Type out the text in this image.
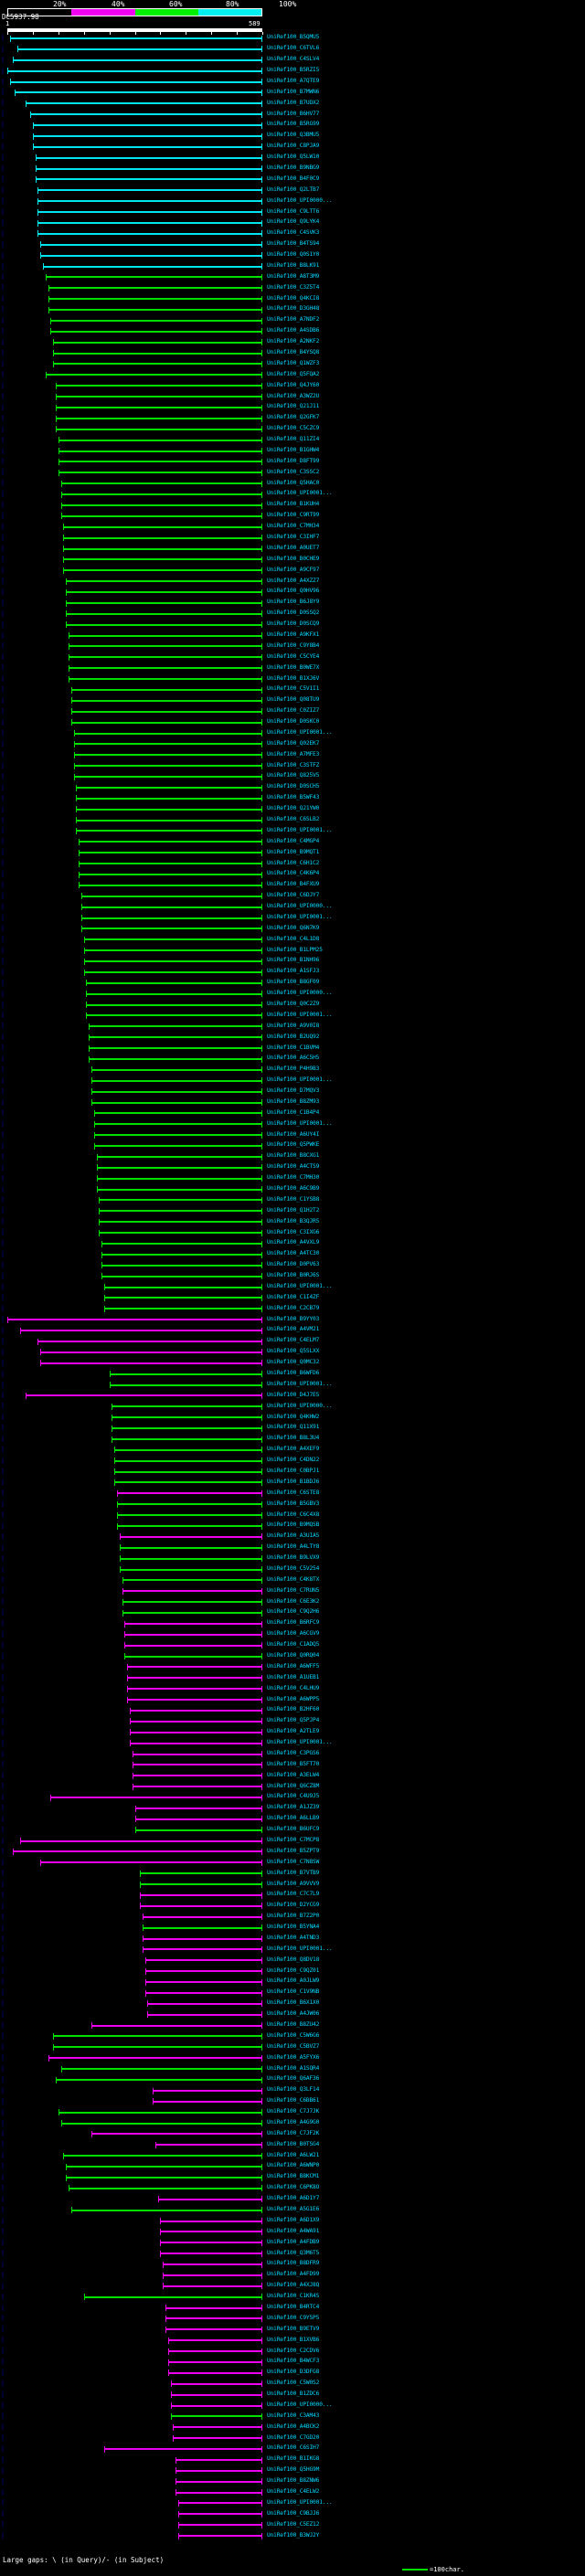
20%	40%	60%	80%	100%
DC5937.98
1	589
UniRef100_B5QMU5
UniRef100_C6TVL6
UniRef100_C4SLV4
UniRef100_B5RZI5
UniRef100_A7QTE9
UniRef100_B7MWN6
UniRef100_B7UDX2
UniRef100_B6HV77
UniRef100_B5RG99
UniRef100_Q3BMU5
UniRef100_C8PJA9
UniRef100_Q5LW10
UniRef100_B9NBG9
UniRef100_B4F0C9
UniRef100_Q2LTB7
UniRef100_UPI0000...
UniRef100_C9LTT6
UniRef100_Q9LYK4
UniRef100_C4SVK3
UniRef100_B4TS94
UniRef100_Q0S1Y0
UniRef100_B8LK91
UniRef100_A8T3M9
UniRef100_C3Z5T4
UniRef100_Q4KCI8
UniRef100_D3GH48
UniRef100_A7NDF2
UniRef100_A4SDB6
UniRef100_A2NKF2
UniRef100_B4YSQ8
UniRef100_Q1WZF3
UniRef100_Q5FQA2
UniRef100_Q4JY60
UniRef100_A3WZ2U
UniRef100_Q21J11
UniRef100_Q2GFK7
UniRef100_C5CZC9
UniRef100_Q11ZI4
UniRef100_B1GHW4
UniRef100_D8FT99
UniRef100_C3SSC2
UniRef100_Q5HAC0
UniRef100_UPI0001...
UniRef100_B1KUH4
UniRef100_C9RT99
UniRef100_C7MH34
UniRef100_C3IHF7
UniRef100_A0UET7
UniRef100_B0CHE9
UniRef100_A9CF97
UniRef100_A4XZZ7
UniRef100_Q0HV96
UniRef100_B6J8Y9
UniRef100_D0SSQ2
UniRef100_D0SCQ9
UniRef100_A9KFX1
UniRef100_C9Y8B4
UniRef100_C5CYE4
UniRef100_B0WE7X
UniRef100_B1XJ6V
UniRef100_C5V1I1
UniRef100_Q08TU9
UniRef100_C0ZIZ7
UniRef100_D0SKC0
UniRef100_UPI0001...
UniRef100_Q02EK7
UniRef100_A7MFE3
UniRef100_C3STFZ
UniRef100_Q825V5
UniRef100_D0SCH5
UniRef100_B5WF43
UniRef100_Q21YW0
UniRef100_C6SLB2
UniRef100_UPI0001...
UniRef100_C4MGP4
UniRef100_B9MQT1
UniRef100_C6H1C2
UniRef100_C4K6P4
UniRef100_B4FXU9
UniRef100_C6DJY7
UniRef100_UPI0000...
UniRef100_UPI0001...
UniRef100_Q6N7K9
UniRef100_C4L1D8
UniRef100_B1LPM25
UniRef100_B1NH96
UniRef100_A1SFJ3
UniRef100_B8GF09
UniRef100_UPI0000...
UniRef100_Q0C2Z9
UniRef100_UPI0001...
UniRef100_A9V0I8
UniRef100_B2UQ92
UniRef100_C1BVM4
UniRef100_A6C5H5
UniRef100_P4H9B3
UniRef100_UPI0001...
UniRef100_D7MQV3
UniRef100_B8ZM93
UniRef100_C1B4P4
UniRef100_UPI0001...
UniRef100_A6UY4I
UniRef100_Q5PWKE
UniRef100_B8CXG1
UniRef100_A4CTS9
UniRef100_C7MH30
UniRef100_A6C9B9
UniRef100_C1YSB8
UniRef100_Q1H2T2
UniRef100_B3QJR5
UniRef100_C3IXG6
UniRef100_A4VXL9
UniRef100_A4TC30
UniRef100_D0PV63
UniRef100_B0RJ6S
UniRef100_UPI0001...
UniRef100_C1I4ZF
UniRef100_C2CB79
UniRef100_B9YY03
UniRef100_A4VM21
UniRef100_C4ELM7
UniRef100_Q5SLXX
UniRef100_Q0MC32
UniRef100_B6WFD6
UniRef100_UPI0001...
UniRef100_D4J7E5
UniRef100_UPI0000...
UniRef100_Q4KHW2
UniRef100_Q11X91
UniRef100_B8L3U4
UniRef100_A4XEF9
UniRef100_C4DN22
UniRef100_C0BPJ1
UniRef100_B1BDJ6
UniRef100_C6STE8
UniRef100_B5GBV3
UniRef100_C6C4X8
UniRef100_B9MQSB
UniRef100_A3UIA5
UniRef100_A4LTY8
UniRef100_B9LVX9
UniRef100_C5V254
UniRef100_C4K8TX
UniRef100_C7RUN5
UniRef100_C6E3K2
UniRef100_C9Q2H6
UniRef100_B6RFC9
UniRef100_A6CGV9
UniRef100_C1ADQ5
UniRef100_Q0RQ04
UniRef100_A6WFF5
UniRef100_A1UEB1
UniRef100_C4LHU9
UniRef100_A6WPP5
UniRef100_B2HF60
UniRef100_Q5PJP4
UniRef100_A2TLE9
UniRef100_UPI0001...
UniRef100_C3PGS6
UniRef100_B5FT70
UniRef100_A3ELW4
UniRef100_Q6CZ8M
UniRef100_C4U9J5
UniRef100_A1JZ39
UniRef100_A6LLB9
UniRef100_B6UFC9
UniRef100_C7MCP8
UniRef100_B5ZPT9
UniRef100_C7N8SW
UniRef100_B7VTB9
UniRef100_A9VVV9
UniRef100_C7C7L9
UniRef100_D2YCG9
UniRef100_B7Z2P0
UniRef100_B5YNA4
UniRef100_A4TND3
UniRef100_UPI0001...
UniRef100_Q8DV18
UniRef100_C9QZ01
UniRef100_A0JLW9
UniRef100_C1V9NB
UniRef100_B6X1X0
UniRef100_A4JW06
UniRef100_B8ZU42
UniRef100_C5W6G6
UniRef100_C5BVZ7
UniRef100_A5FYX6
UniRef100_A1SQR4
UniRef100_Q6AF36
UniRef100_Q3LF14
UniRef100_C6BB61
UniRef100_C7J7JK
UniRef100_A4G9G0
UniRef100_C7JF2K
UniRef100_B0TSG4
UniRef100_A6LW21
UniRef100_A6WNP0
UniRef100_B8KCM1
UniRef100_C6PK8O
UniRef100_A6D1Y7
UniRef100_A5G1E6
UniRef100_A6D1X9
UniRef100_A4WA91
UniRef100_A4FDB9
UniRef100_Q3M6T5
UniRef100_B8DFR9
UniRef100_A4FD99
UniRef100_A4XJ8Q
UniRef100_C1KR4S
UniRef100_B4RTC4
UniRef100_C9Y5P5
UniRef100_B9ETV9
UniRef100_B1XVB6
UniRef100_C2CDV6
UniRef100_B4WCF3
UniRef100_D3DFG8
UniRef100_C5W0S2
UniRef100_B1ZDC6
UniRef100_UPI0000...
UniRef100_C3AM43
UniRef100_A4BCK2
UniRef100_C7GD20
UniRef100_C6SIH7
UniRef100_B1IKG8
UniRef100_Q5HG9M
UniRef100_B8ZNW6
UniRef100_C4ELW2
UniRef100_UPI0001...
UniRef100_C9BJJ6
UniRef100_C5EZ12
UniRef100_B3WJ2Y
Large gaps: \ (in Query)/- (in Subject)
=100char.
